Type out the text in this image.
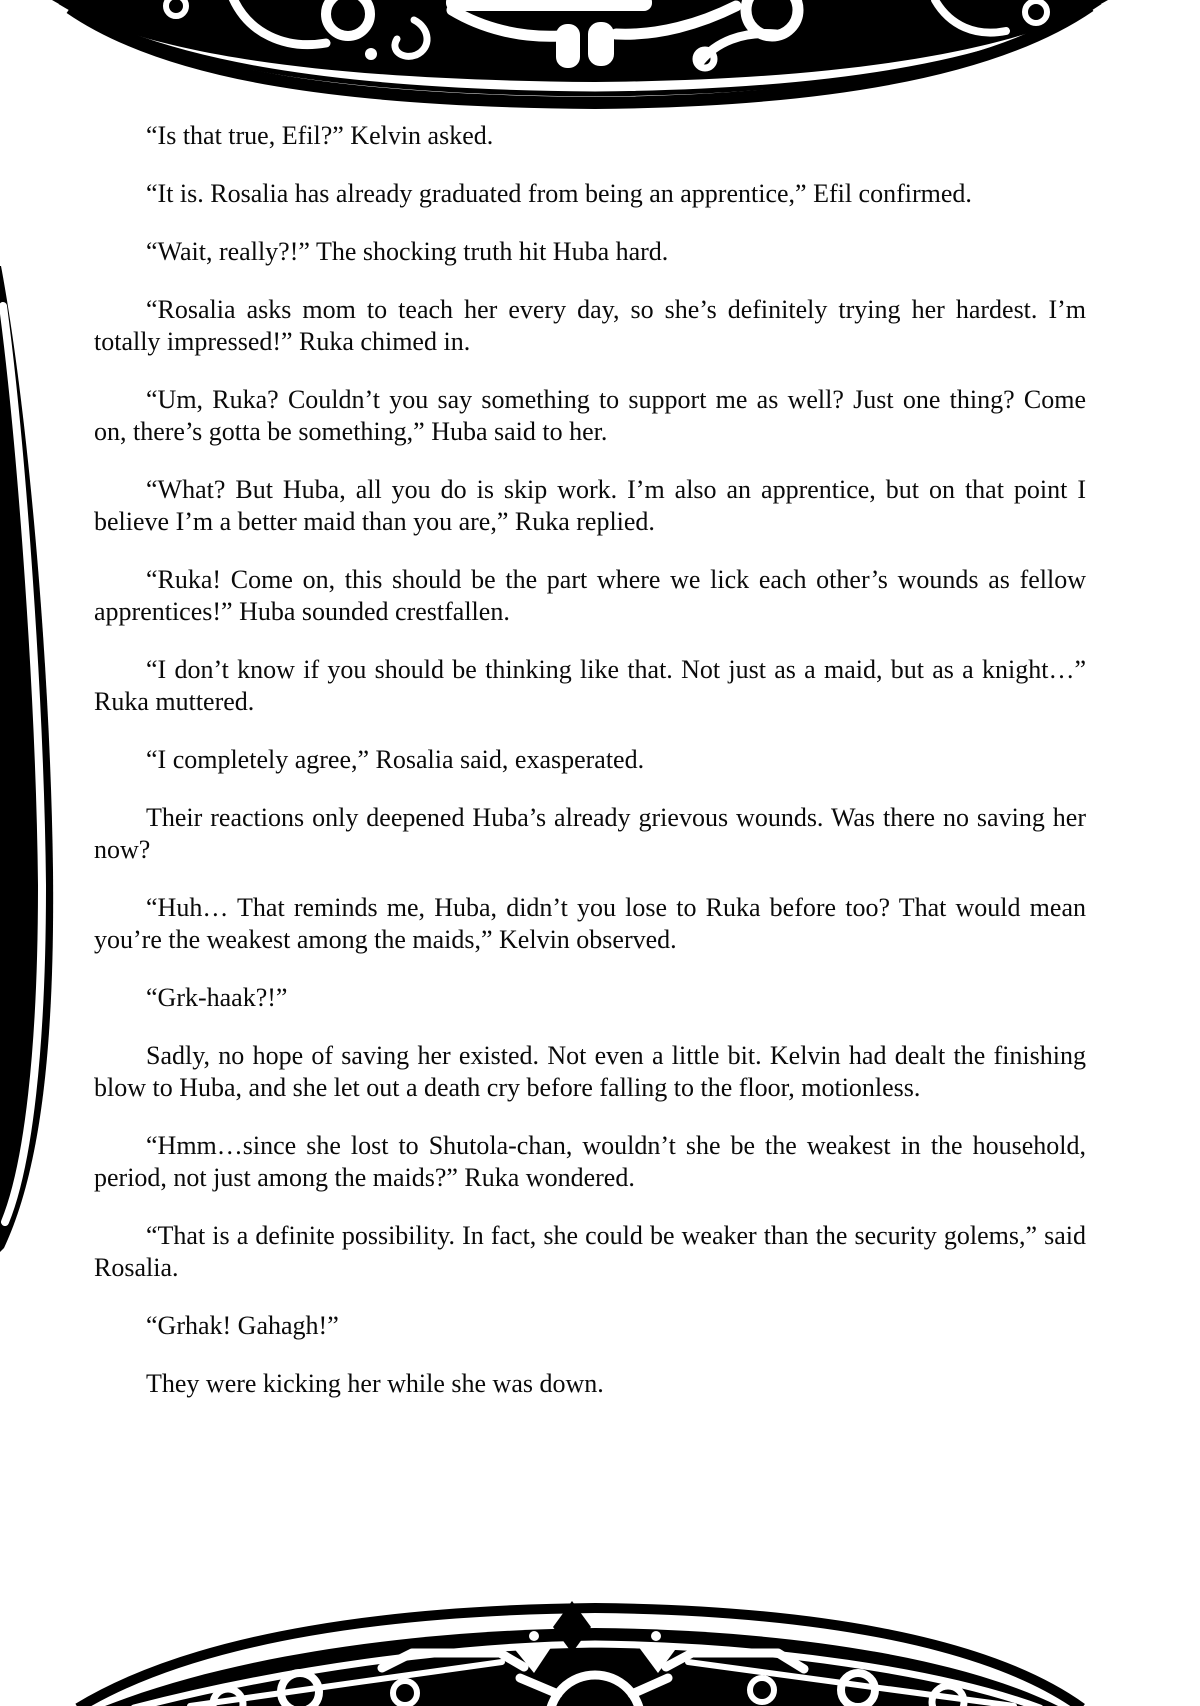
“Is that true, Efil?” Kelvin asked.

“It is. Rosalia has already graduated from being an apprentice,” Efil confirmed.

“Wait, really?!” The shocking truth hit Huba hard.

“Rosalia asks mom to teach her every day, so she’s definitely trying her hardest. I’m totally impressed!” Ruka chimed in.

“Um, Ruka? Couldn’t you say something to support me as well? Just one thing? Come on, there’s gotta be something,” Huba said to her.

“What? But Huba, all you do is skip work. I’m also an apprentice, but on that point I believe I’m a better maid than you are,” Ruka replied.

“Ruka! Come on, this should be the part where we lick each other’s wounds as fellow apprentices!” Huba sounded crestfallen.

“I don’t know if you should be thinking like that. Not just as a maid, but as a knight…” Ruka muttered.

“I completely agree,” Rosalia said, exasperated.

Their reactions only deepened Huba’s already grievous wounds. Was there no saving her now?

“Huh… That reminds me, Huba, didn’t you lose to Ruka before too? That would mean you’re the weakest among the maids,” Kelvin observed.

“Grk-haak?!”

Sadly, no hope of saving her existed. Not even a little bit. Kelvin had dealt the finishing blow to Huba, and she let out a death cry before falling to the floor, motionless.

“Hmm…since she lost to Shutola-chan, wouldn’t she be the weakest in the household, period, not just among the maids?” Ruka wondered.

“That is a definite possibility. In fact, she could be weaker than the security golems,” said Rosalia.

“Grhak! Gahagh!”

They were kicking her while she was down.
